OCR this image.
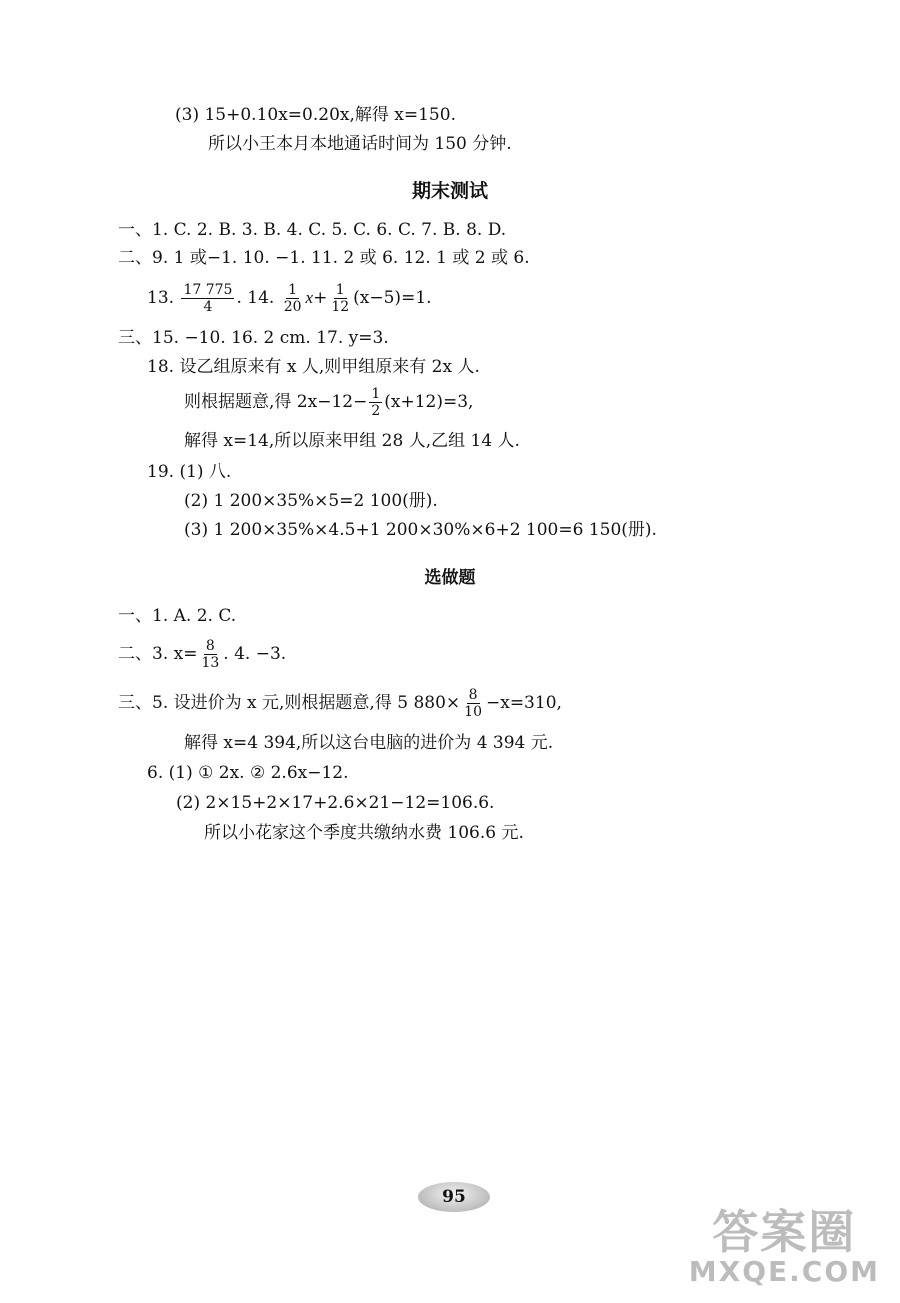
(3) 15+0.10x=0.20x,解得 x=150.
所以小王本月本地通话时间为 150 分钟.
期末测试
一、1. C. 2. B. 3. B. 4. C. 5. C. 6. C. 7. B. 8. D.
二、9. 1 或−1. 10. −1. 11. 2 或 6. 12. 1 或 2 或 6.
13. $\frac{17 775}{4}$ . 14. $\frac{1}{20} x+ \frac{1}{12} (x-5)=1$.
三、15. −10. 16. 2 cm. 17. y=3.
18. 设乙组原来有 x 人,则甲组原来有 2x 人.
则根据题意,得 $2x-12- \frac{1}{2} (x+12)=3$,
解得 x=14,所以原来甲组 28 人,乙组 14 人.
19. (1) 八.
(2) 1 200×35%×5=2 100(册).
(3) 1 200×35%×4.5+1 200×30%×6+2 100=6 150(册).
选做题
一、1. A. 2. C.
二、3. $x= \frac{8}{13}$ . 4. −3.
三、5. 设进价为 x 元,则根据题意,得 5 $880\times \frac{8}{10} -x=310$,
解得 x=4 394,所以这台电脑的进价为 4 394 元.
6. (1) ① 2x. ② 2.6x−12.
(2) 2×15+2×17+2.6×21−12=106.6.
所以小花家这个季度共缴纳水费 106.6 元.
95
答案圈
MXQE.COM
